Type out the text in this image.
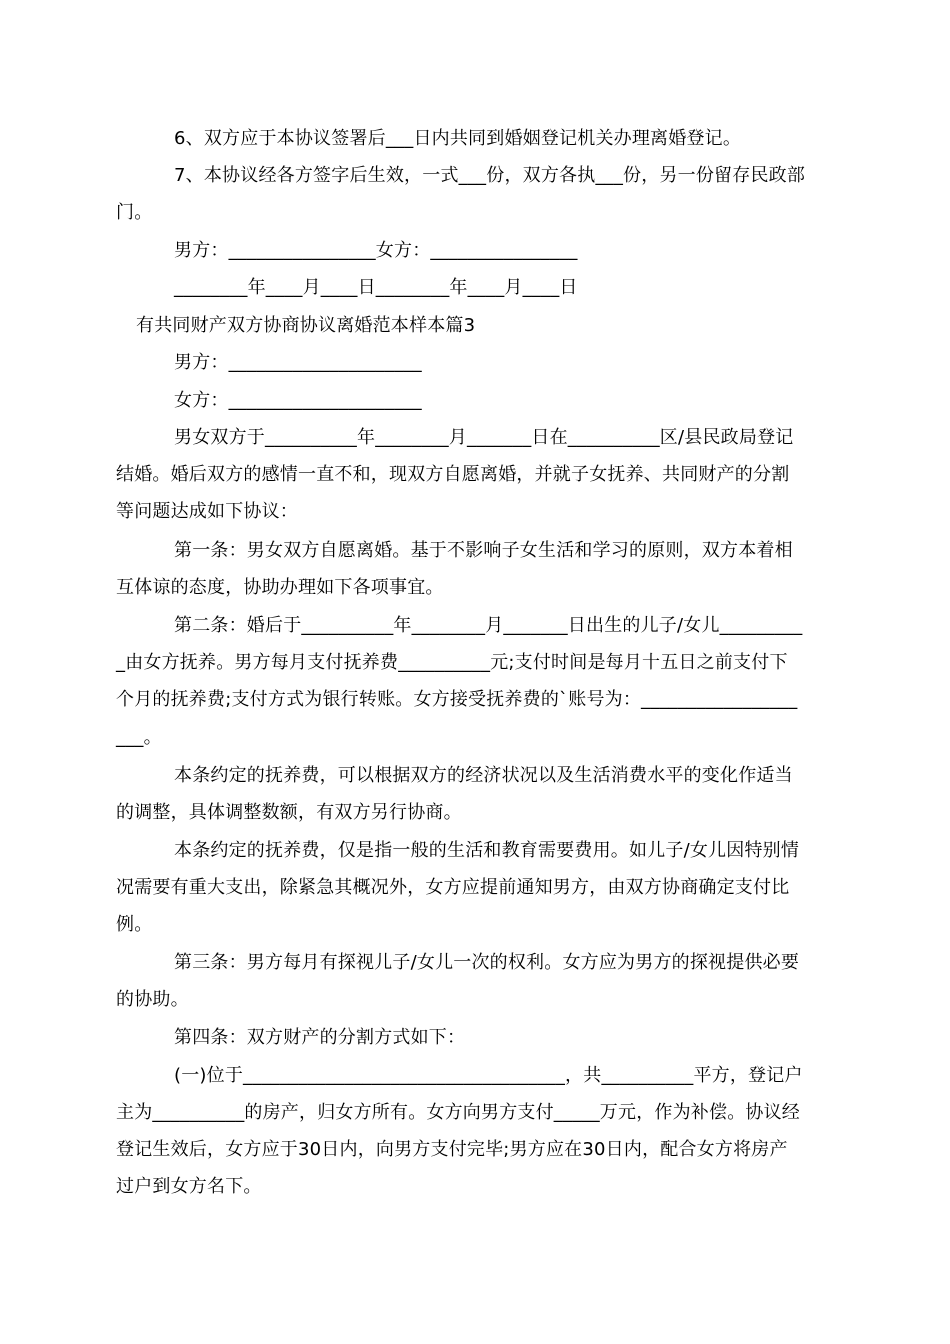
6、双方应于本协议签署后___日内共同到婚姻登记机关办理离婚登记。
7、本协议经各方签字后生效，一式___份，双方各执___份，另一份留存民政部
门。
男方：________________女方：________________
________年____月____日________年____月____日
有共同财产双方协商协议离婚范本样本篇3
男方：_____________________
女方：_____________________
男女双方于__________年________月_______日在__________区/县民政局登记
结婚。婚后双方的感情一直不和，现双方自愿离婚，并就子女抚养、共同财产的分割
等问题达成如下协议：
第一条：男女双方自愿离婚。基于不影响子女生活和学习的原则，双方本着相
互体谅的态度，协助办理如下各项事宜。
第二条：婚后于__________年________月_______日出生的儿子/女儿_________
_由女方抚养。男方每月支付抚养费__________元;支付时间是每月十五日之前支付下
个月的抚养费;支付方式为银行转账。女方接受抚养费的`账号为：_________________
___。
本条约定的抚养费，可以根据双方的经济状况以及生活消费水平的变化作适当
的调整，具体调整数额，有双方另行协商。
本条约定的抚养费，仅是指一般的生活和教育需要费用。如儿子/女儿因特别情
况需要有重大支出，除紧急其概况外，女方应提前通知男方，由双方协商确定支付比
例。
第三条：男方每月有探视儿子/女儿一次的权利。女方应为男方的探视提供必要
的协助。
第四条：双方财产的分割方式如下：
(一)位于___________________________________，共__________平方，登记户
主为__________的房产，归女方所有。女方向男方支付_____万元，作为补偿。协议经
登记生效后，女方应于30日内，向男方支付完毕;男方应在30日内，配合女方将房产
过户到女方名下。
